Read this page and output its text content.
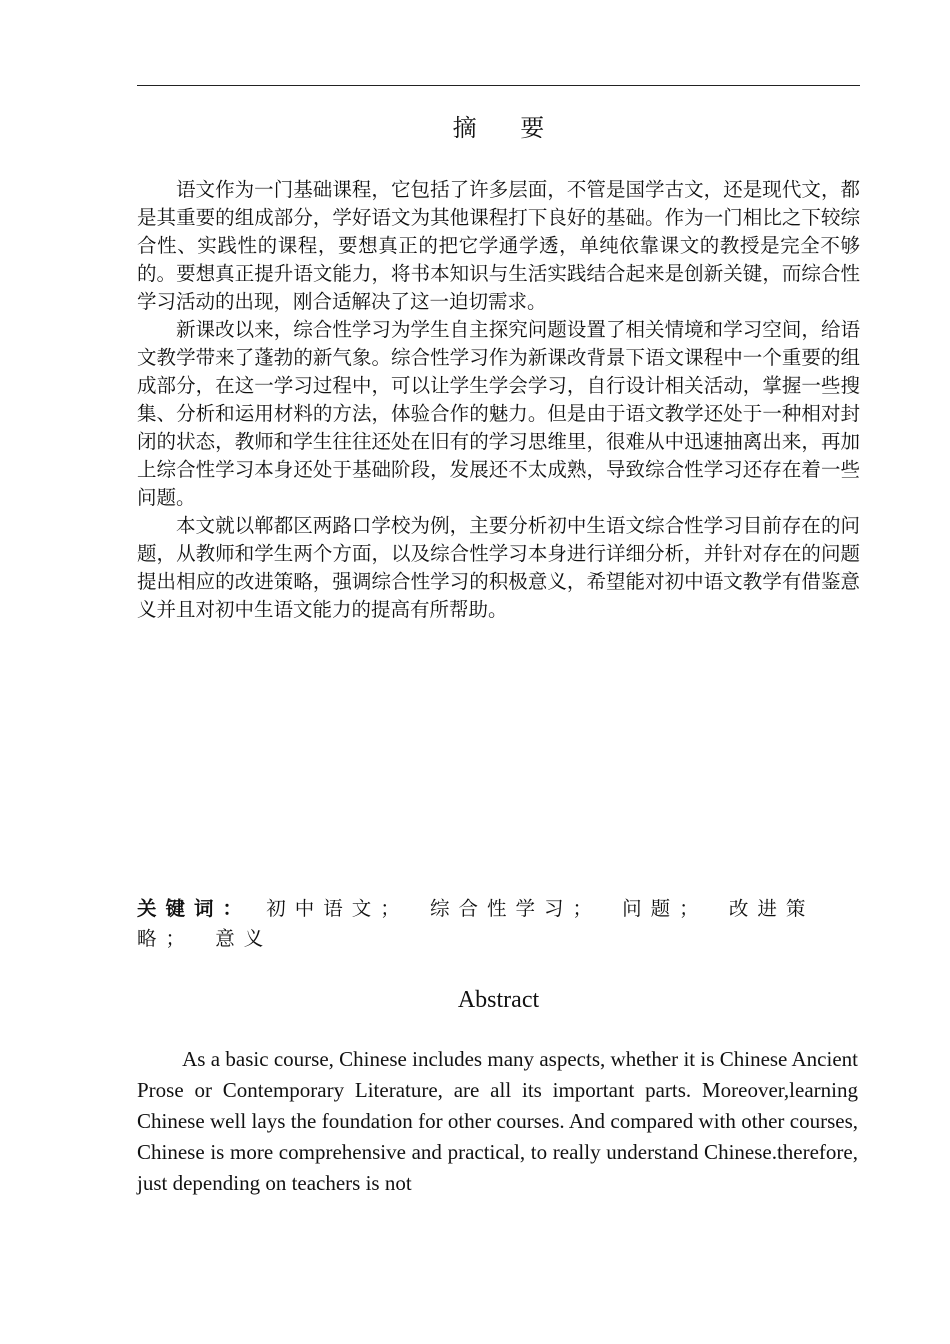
摘 要

语文作为一门基础课程，它包括了许多层面，不管是国学古文，还是现代文，都是其重要的组成部分，学好语文为其他课程打下良好的基础。作为一门相比之下较综合性、实践性的课程，要想真正的把它学通学透，单纯依靠课文的教授是完全不够的。要想真正提升语文能力，将书本知识与生活实践结合起来是创新关键，而综合性学习活动的出现，刚合适解决了这一迫切需求。

新课改以来，综合性学习为学生自主探究问题设置了相关情境和学习空间，给语文教学带来了蓬勃的新气象。综合性学习作为新课改背景下语文课程中一个重要的组成部分，在这一学习过程中，可以让学生学会学习，自行设计相关活动，掌握一些搜集、分析和运用材料的方法，体验合作的魅力。但是由于语文教学还处于一种相对封闭的状态，教师和学生往往还处在旧有的学习思维里，很难从中迅速抽离出来，再加上综合性学习本身还处于基础阶段，发展还不太成熟，导致综合性学习还存在着一些问题。

本文就以郸都区两路口学校为例，主要分析初中生语文综合性学习目前存在的问题，从教师和学生两个方面，以及综合性学习本身进行详细分析，并针对存在的问题提出相应的改进策略，强调综合性学习的积极意义，希望能对初中语文教学有借鉴意义并且对初中生语文能力的提高有所帮助。

关键词： 初中语文； 综合性学习； 问题； 改进策略； 意义
Abstract

As a basic course, Chinese includes many aspects, whether it is Chinese Ancient Prose or Contemporary Literature, are all its important parts. Moreover,learning Chinese well lays the foundation for other courses. And compared with other courses, Chinese is more comprehensive and practical, to really understand Chinese.therefore, just depending on teachers is not
